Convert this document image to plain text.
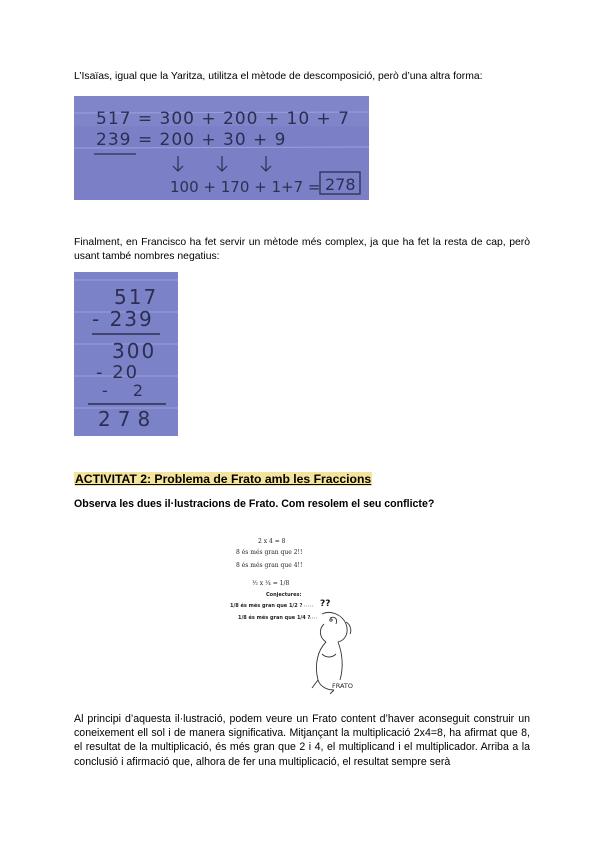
L’Isaïas, igual que la Yaritza, utilitza el mètode de descomposició, però d’una altra forma:

517 = 300 + 200 + 10 + 7
239 = 200 + 30 + 9
100 + 170 + 1+7 = 278

Finalment, en Francisco ha fet servir un mètode més complex, ja que ha fet la resta de cap, però usant també nombres negatius:

517
- 239
300
- 20
- 2
278

ACTIVITAT 2: Problema de Frato amb les Fraccions

Observa les dues il·lustracions de Frato. Com resolem el seu conflicte?

2 x 4 = 8
8 és més gran que 2!!
8 és més gran que 4!!
½ x ¼ = 1/8
Conjectures:
1/8 és més gran que 1/2 ?
1/8 és més gran que 1/4 ?
??
FRATO

Al principi d’aquesta il·lustració, podem veure un Frato content d’haver aconseguit construir un coneixement ell sol i de manera significativa. Mitjançant la multiplicació 2x4=8, ha afirmat que 8, el resultat de la multiplicació, és més gran que 2 i 4, el multiplicand i el multiplicador. Arriba a la conclusió i afirmació que, alhora de fer una multiplicació, el resultat sempre serà
